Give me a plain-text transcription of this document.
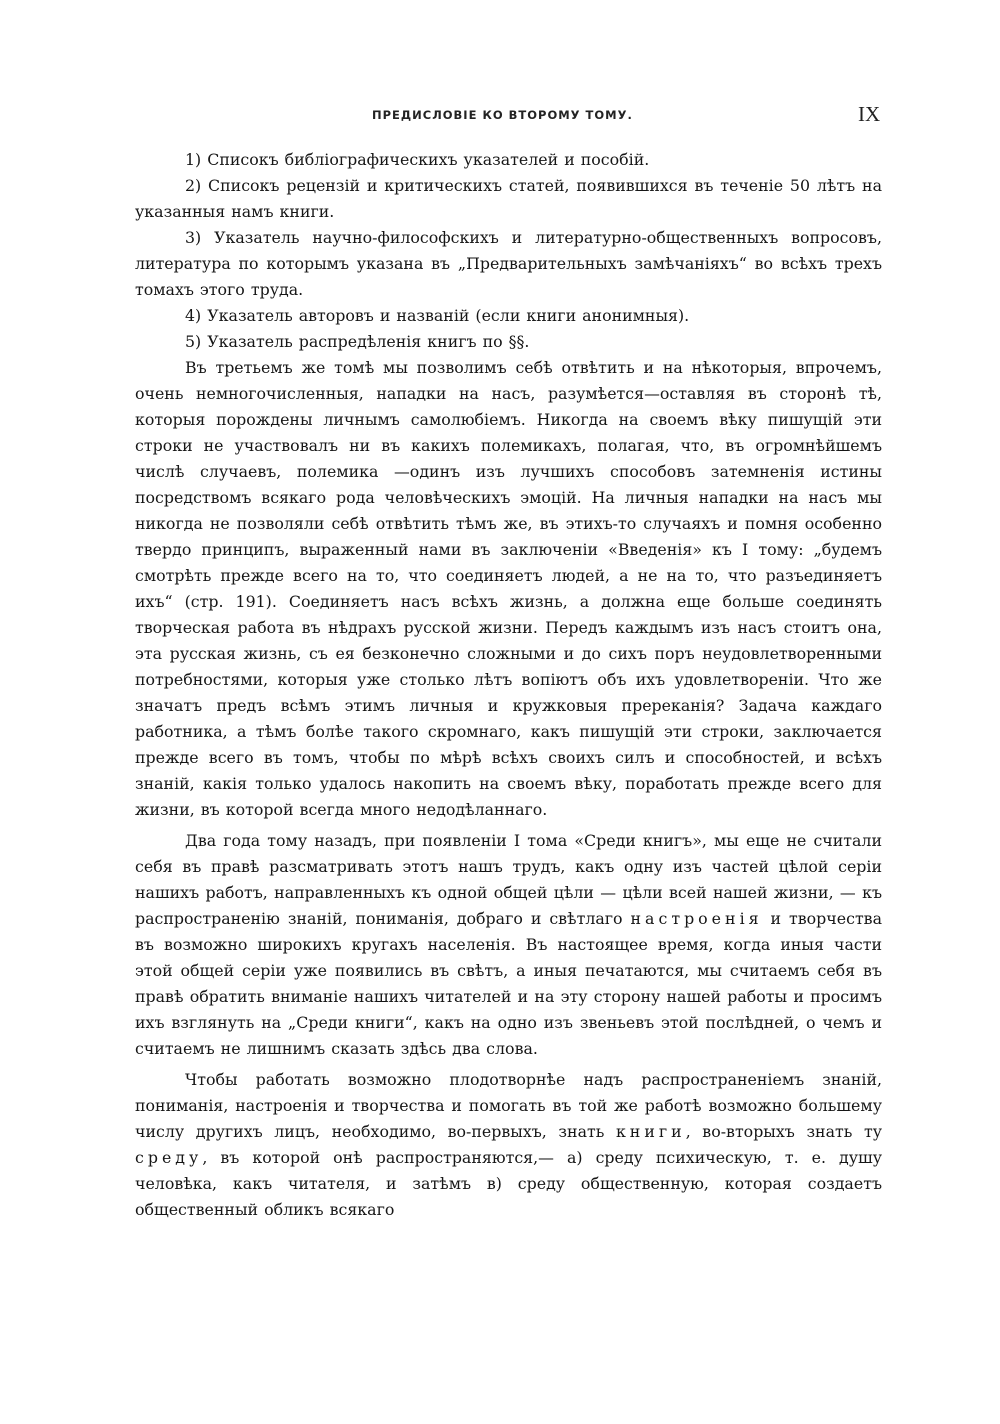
ПРЕДИСЛОВІЕ КО ВТОРОМУ ТОМУ.	IX

1) Списокъ библіографическихъ указателей и пособій.

2) Списокъ рецензій и критическихъ статей, появившихся въ теченіе 50 лѣтъ на указанныя намъ книги.

3) Указатель научно-философскихъ и литературно-общественныхъ вопросовъ, литература по которымъ указана въ „Предварительныхъ замѣчаніяхъ“ во всѣхъ трехъ томахъ этого труда.

4) Указатель авторовъ и названій (если книги анонимныя).

5) Указатель распредѣленія книгъ по §§.

Въ третьемъ же томѣ мы позволимъ себѣ отвѣтить и на нѣкоторыя, впрочемъ, очень немногочисленныя, нападки на насъ, разумѣется—оставляя въ сторонѣ тѣ, которыя порождены личнымъ самолюбіемъ. Никогда на своемъ вѣку пишущій эти строки не участвовалъ ни въ какихъ полемикахъ, полагая, что, въ огромнѣйшемъ числѣ случаевъ, полемика —одинъ изъ лучшихъ способовъ затемненія истины посредствомъ всякаго рода человѣческихъ эмоцій. На личныя нападки на насъ мы никогда не позволяли себѣ отвѣтить тѣмъ же, въ этихъ-то случаяхъ и помня особенно твердо принципъ, выраженный нами въ заключеніи «Введенія» къ I тому: „будемъ смотрѣть прежде всего на то, что соединяетъ людей, а не на то, что разъединяетъ ихъ“ (стр. 191). Соединяетъ насъ всѣхъ жизнь, а должна еще больше соединять творческая работа въ нѣдрахъ русской жизни. Передъ каждымъ изъ насъ стоитъ она, эта русская жизнь, съ ея безконечно сложными и до сихъ поръ неудовлетворенными потребностями, которыя уже столько лѣтъ вопіютъ объ ихъ удовлетвореніи. Что же значатъ предъ всѣмъ этимъ личныя и кружковыя пререканія? Задача каждаго работника, а тѣмъ болѣе такого скромнаго, какъ пишущій эти строки, заключается прежде всего въ томъ, чтобы по мѣрѣ всѣхъ своихъ силъ и способностей, и всѣхъ знаній, какія только удалось накопить на своемъ вѣку, поработать прежде всего для жизни, въ которой всегда много недодѣланнаго.

Два года тому назадъ, при появленіи I тома «Среди книгъ», мы еще не считали себя въ правѣ разсматривать этотъ нашъ трудъ, какъ одну изъ частей цѣлой серіи нашихъ работъ, направленныхъ къ одной общей цѣли — цѣли всей нашей жизни, — къ распространенію знаній, пониманія, добраго и свѣтлаго настроенія и творчества въ возможно широкихъ кругахъ населенія. Въ настоящее время, когда иныя части этой общей серіи уже появились въ свѣтъ, а иныя печатаются, мы считаемъ себя въ правѣ обратить вниманіе нашихъ читателей и на эту сторону нашей работы и просимъ ихъ взглянуть на „Среди книги“, какъ на одно изъ звеньевъ этой послѣдней, о чемъ и считаемъ не лишнимъ сказать здѣсь два слова.

Чтобы работать возможно плодотворнѣе надъ распространеніемъ знаній, пониманія, настроенія и творчества и помогать въ той же работѣ возможно большему числу другихъ лицъ, необходимо, во-первыхъ, знать книги, во-вторыхъ знать ту среду, въ которой онѣ распространяются,— а) среду психическую, т. е. душу человѣка, какъ читателя, и затѣмъ в) среду общественную, которая создаетъ общественный обликъ всякаго
